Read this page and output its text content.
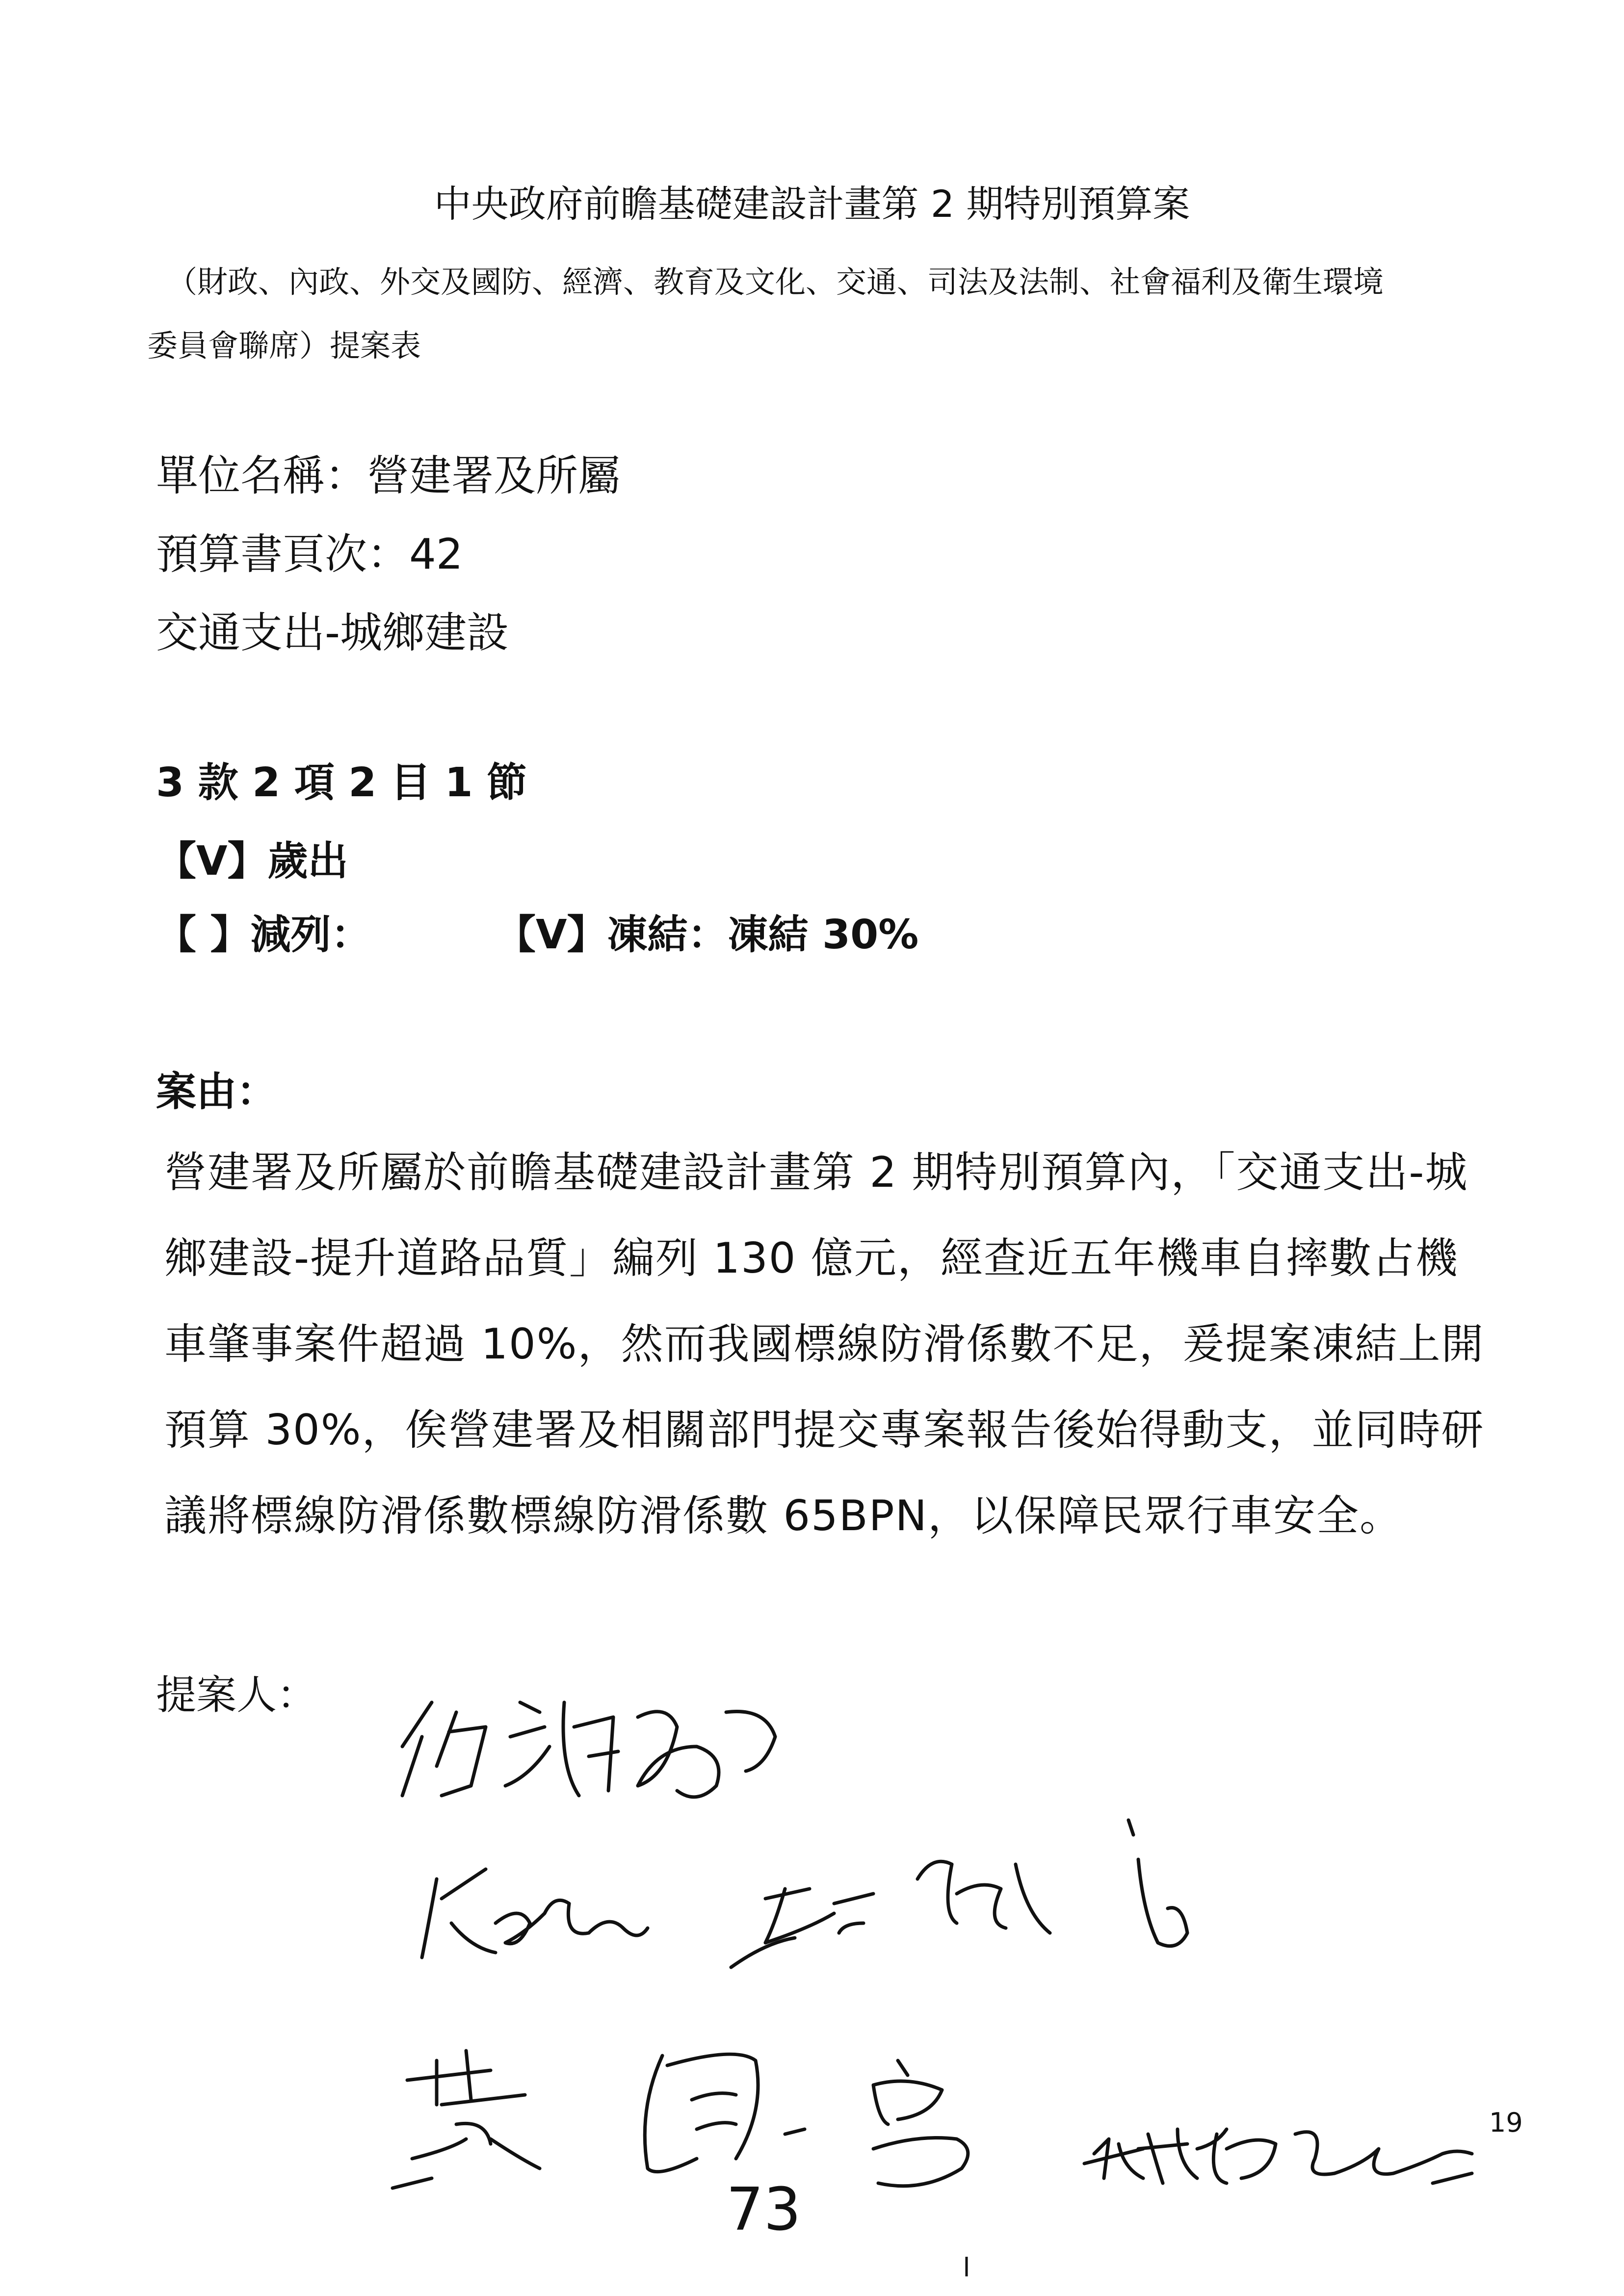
中央政府前瞻基礎建設計畫第 2 期特別預算案
（財政、內政、外交及國防、經濟、教育及文化、交通、司法及法制、社會福利及衛生環境
委員會聯席）提案表
單位名稱：營建署及所屬
預算書頁次：42
交通支出-城鄉建設
3 款 2 項 2 目 1 節
【V】歲出
【 】減列：	【V】凍結：凍結 30%
案由：
營建署及所屬於前瞻基礎建設計畫第 2 期特別預算內，「交通支出-城
鄉建設-提升道路品質」編列 130 億元，經查近五年機車自摔數占機
車肇事案件超過 10%，然而我國標線防滑係數不足，爰提案凍結上開
預算 30%，俟營建署及相關部門提交專案報告後始得動支，並同時研
議將標線防滑係數標線防滑係數 65BPN，以保障民眾行車安全。
提案人：
73
19
